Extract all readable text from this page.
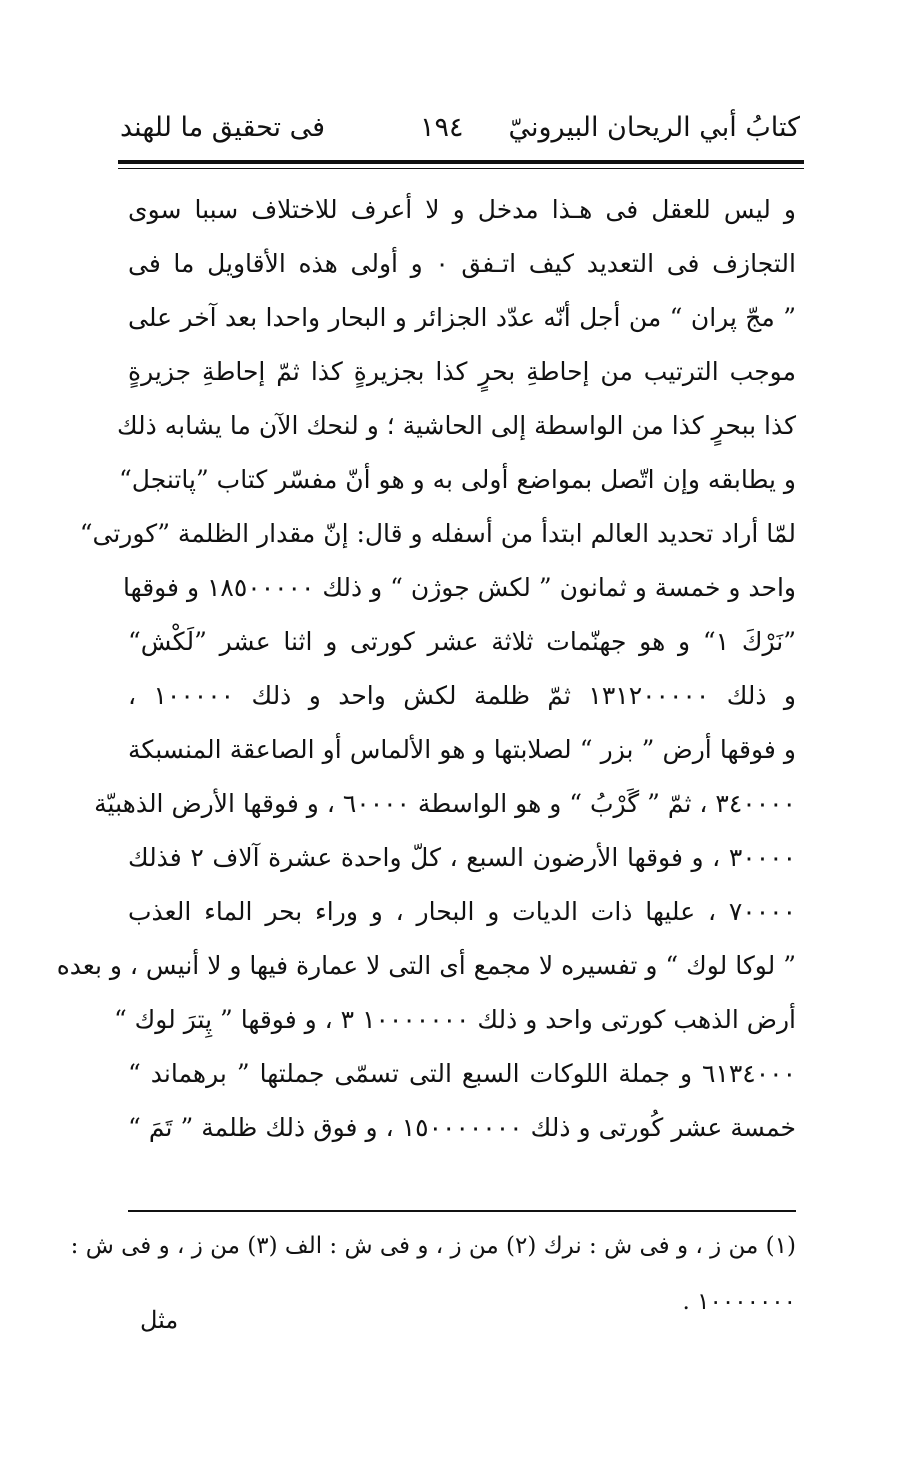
كتابُ أبي الريحان البيرونيّ
١٩٤
فى تحقيق ما للهند
و ليس للعقل فى هـذا مدخل و لا أعرف للاختلاف سببا سوى
التجازف فى التعديد كيف اتـفق ٠ و أولى هذه الأقاويل ما فى
” مجّ پران “ من أجل أنّه عدّد الجزائر و البحار واحدا بعد آخر على
موجب الترتيب من إحاطةِ بحرٍ كذا بجزيرةٍ كذا ثمّ إحاطةِ جزيرةٍ
كذا ببحرٍ كذا من الواسطة إلى الحاشية ؛ و لنحك الآن ما يشابه ذلك
و يطابقه وإن اتّصل بمواضع أولى به و هو أنّ مفسّر كتاب ”پاتنجل“
لمّا أراد تحديد العالم ابتدأ من أسفله و قال: إنّ مقدار الظلمة ”كورتى“
واحد و خمسة و ثمانون ” لكش جوژن “ و ذلك ١٨٥٠٠٠٠٠ و فوقها
”نَرْكَ ١“ و هو جهنّمات ثلاثة عشر كورتى و اثنا عشر ”لَكْش“
و ذلك ١٣١٢٠٠٠٠٠ ثمّ ظلمة لكش واحد و ذلك ١٠٠٠٠٠ ،
و فوقها أرض ” بزر “ لصلابتها و هو الألماس أو الصاعقة المنسبكة
٣٤٠٠٠٠ ، ثمّ ” گَرْبُ “ و هو الواسطة ٦٠٠٠٠ ، و فوقها الأرض الذهبيّة
٣٠٠٠٠ ، و فوقها الأرضون السبع ، كلّ واحدة عشرة آلاف ٢ فذلك
٧٠٠٠٠ ، عليها ذات الديات و البحار ، و وراء بحر الماء العذب
” لوكا لوك “ و تفسيره لا مجمع أى التى لا عمارة فيها و لا أنيس ، و بعده
أرض الذهب كورتى واحد و ذلك ١٠٠٠٠٠٠٠ ٣ ، و فوقها ” پِترَ لوك “
٦١٣٤٠٠٠ و جملة اللوكات السبع التى تسمّى جملتها ” برهماند “
خمسة عشر كُورتى و ذلك ١٥٠٠٠٠٠٠٠ ، و فوق ذلك ظلمة ” تَمَ “
(١) من ز ، و فى ش : نرك (٢) من ز ، و فى ش : الف (٣) من ز ، و فى ش :
١٠٠٠٠٠٠٠ .
مثل
